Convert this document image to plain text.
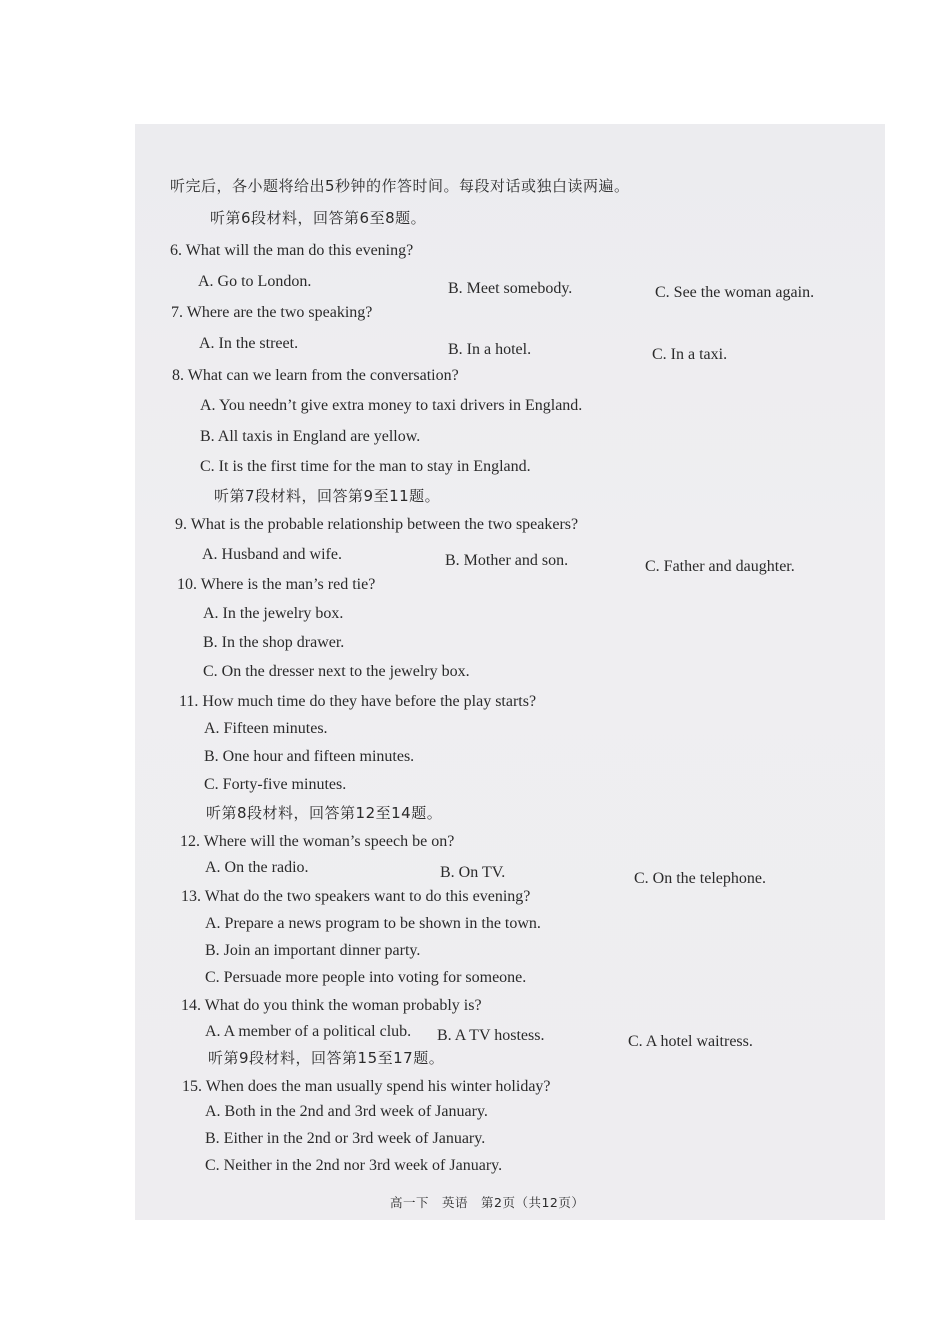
听完后，各小题将给出5秒钟的作答时间。每段对话或独白读两遍。
听第6段材料，回答第6至8题。
6. What will the man do this evening?
A. Go to London.	B. Meet somebody.	C. See the woman again.
7. Where are the two speaking?
A. In the street.	B. In a hotel.	C. In a taxi.
8. What can we learn from the conversation?
A. You needn’t give extra money to taxi drivers in England.
B. All taxis in England are yellow.
C. It is the first time for the man to stay in England.
听第7段材料，回答第9至11题。
9. What is the probable relationship between the two speakers?
A. Husband and wife.	B. Mother and son.	C. Father and daughter.
10. Where is the man’s red tie?
A. In the jewelry box.
B. In the shop drawer.
C. On the dresser next to the jewelry box.
11. How much time do they have before the play starts?
A. Fifteen minutes.
B. One hour and fifteen minutes.
C. Forty-five minutes.
听第8段材料，回答第12至14题。
12. Where will the woman’s speech be on?
A. On the radio.	B. On TV.	C. On the telephone.
13. What do the two speakers want to do this evening?
A. Prepare a news program to be shown in the town.
B. Join an important dinner party.
C. Persuade more people into voting for someone.
14. What do you think the woman probably is?
A. A member of a political club. B. A TV hostess.	C. A hotel waitress.
听第9段材料，回答第15至17题。
15. When does the man usually spend his winter holiday?
A. Both in the 2nd and 3rd week of January.
B. Either in the 2nd or 3rd week of January.
C. Neither in the 2nd nor 3rd week of January.
高一下　英语　第2页（共12页）
